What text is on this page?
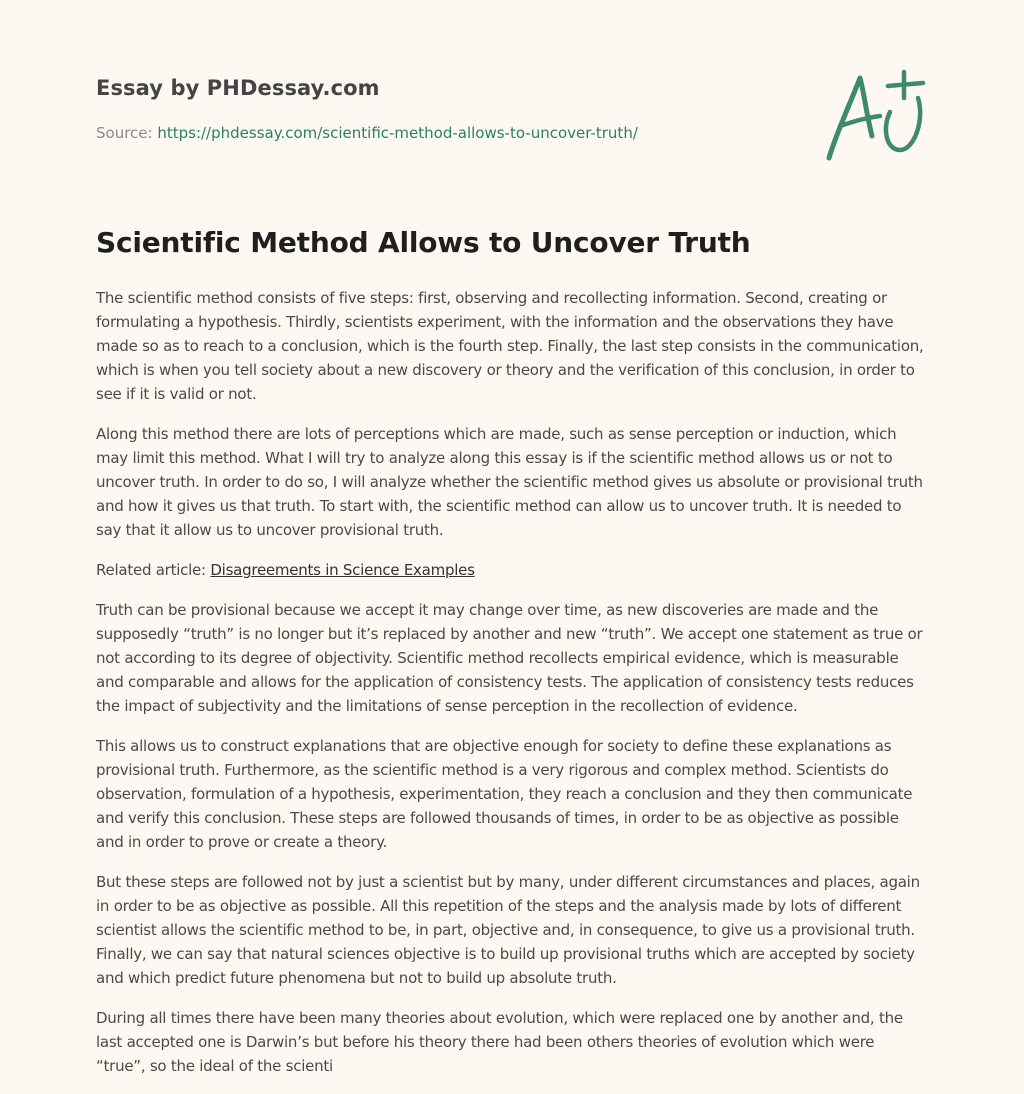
Essay by PHDessay.com
Source: https://phdessay.com/scientific-method-allows-to-uncover-truth/
Scientific Method Allows to Uncover Truth

The scientific method consists of five steps: first, observing and recollecting information. Second, creating or formulating a hypothesis. Thirdly, scientists experiment, with the information and the observations they have made so as to reach to a conclusion, which is the fourth step. Finally, the last step consists in the communication, which is when you tell society about a new discovery or theory and the verification of this conclusion, in order to see if it is valid or not.

Along this method there are lots of perceptions which are made, such as sense perception or induction, which may limit this method. What I will try to analyze along this essay is if the scientific method allows us or not to uncover truth. In order to do so, I will analyze whether the scientific method gives us absolute or provisional truth and how it gives us that truth. To start with, the scientific method can allow us to uncover truth. It is needed to say that it allow us to uncover provisional truth.

Related article: Disagreements in Science Examples

Truth can be provisional because we accept it may change over time, as new discoveries are made and the supposedly “truth” is no longer but it’s replaced by another and new “truth”. We accept one statement as true or not according to its degree of objectivity. Scientific method recollects empirical evidence, which is measurable and comparable and allows for the application of consistency tests. The application of consistency tests reduces the impact of subjectivity and the limitations of sense perception in the recollection of evidence.

This allows us to construct explanations that are objective enough for society to define these explanations as provisional truth. Furthermore, as the scientific method is a very rigorous and complex method. Scientists do observation, formulation of a hypothesis, experimentation, they reach a conclusion and they then communicate and verify this conclusion. These steps are followed thousands of times, in order to be as objective as possible and in order to prove or create a theory.

But these steps are followed not by just a scientist but by many, under different circumstances and places, again in order to be as objective as possible. All this repetition of the steps and the analysis made by lots of different scientist allows the scientific method to be, in part, objective and, in consequence, to give us a provisional truth. Finally, we can say that natural sciences objective is to build up provisional truths which are accepted by society and which predict future phenomena but not to build up absolute truth.

During all times there have been many theories about evolution, which were replaced one by another and, the last accepted one is Darwin’s but before his theory there had been others theories of evolution which were “true”, so the ideal of the scienti
